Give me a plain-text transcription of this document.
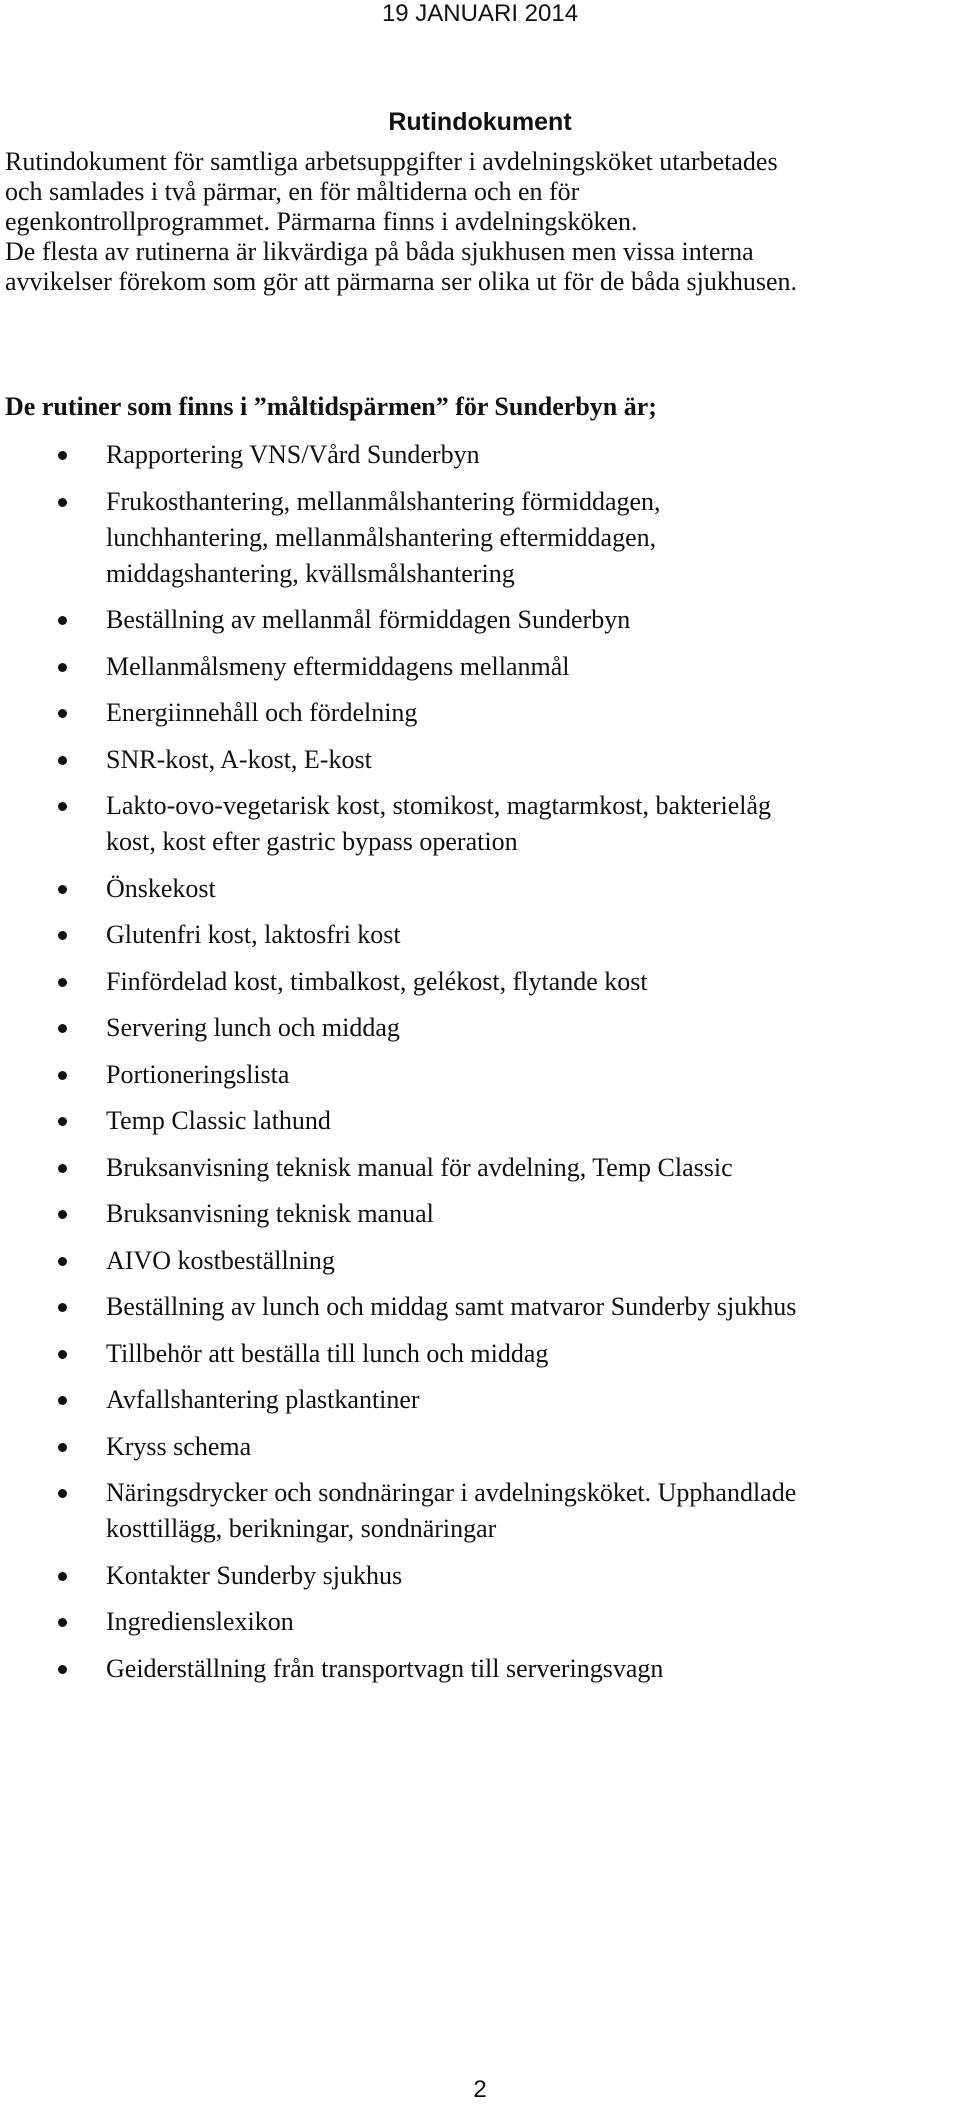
19 JANUARI 2014
Rutindokument

Rutindokument för samtliga arbetsuppgifter i avdelningsköket utarbetades

och samlades i två pärmar, en för måltiderna och en för

egenkontrollprogrammet. Pärmarna finns i avdelningsköken.

De flesta av rutinerna är likvärdiga på båda sjukhusen men vissa interna

avvikelser förekom som gör att pärmarna ser olika ut för de båda sjukhusen.

De rutiner som finns i ”måltidspärmen” för Sunderbyn är;
Rapportering VNS/Vård Sunderbyn
Frukosthantering, mellanmålshantering förmiddagen,
lunchhantering, mellanmålshantering eftermiddagen,
middagshantering, kvällsmålshantering
Beställning av mellanmål förmiddagen Sunderbyn
Mellanmålsmeny eftermiddagens mellanmål
Energiinnehåll och fördelning
SNR-kost, A-kost, E-kost
Lakto-ovo-vegetarisk kost, stomikost, magtarmkost, bakterielåg
kost, kost efter gastric bypass operation
Önskekost
Glutenfri kost, laktosfri kost
Finfördelad kost, timbalkost, gelékost, flytande kost
Servering lunch och middag
Portioneringslista
Temp Classic lathund
Bruksanvisning teknisk manual för avdelning, Temp Classic
Bruksanvisning teknisk manual
AIVO kostbeställning
Beställning av lunch och middag samt matvaror Sunderby sjukhus
Tillbehör att beställa till lunch och middag
Avfallshantering plastkantiner
Kryss schema
Näringsdrycker och sondnäringar i avdelningsköket. Upphandlade
kosttillägg, berikningar, sondnäringar
Kontakter Sunderby sjukhus
Ingredienslexikon
Geiderställning från transportvagn till serveringsvagn
2
